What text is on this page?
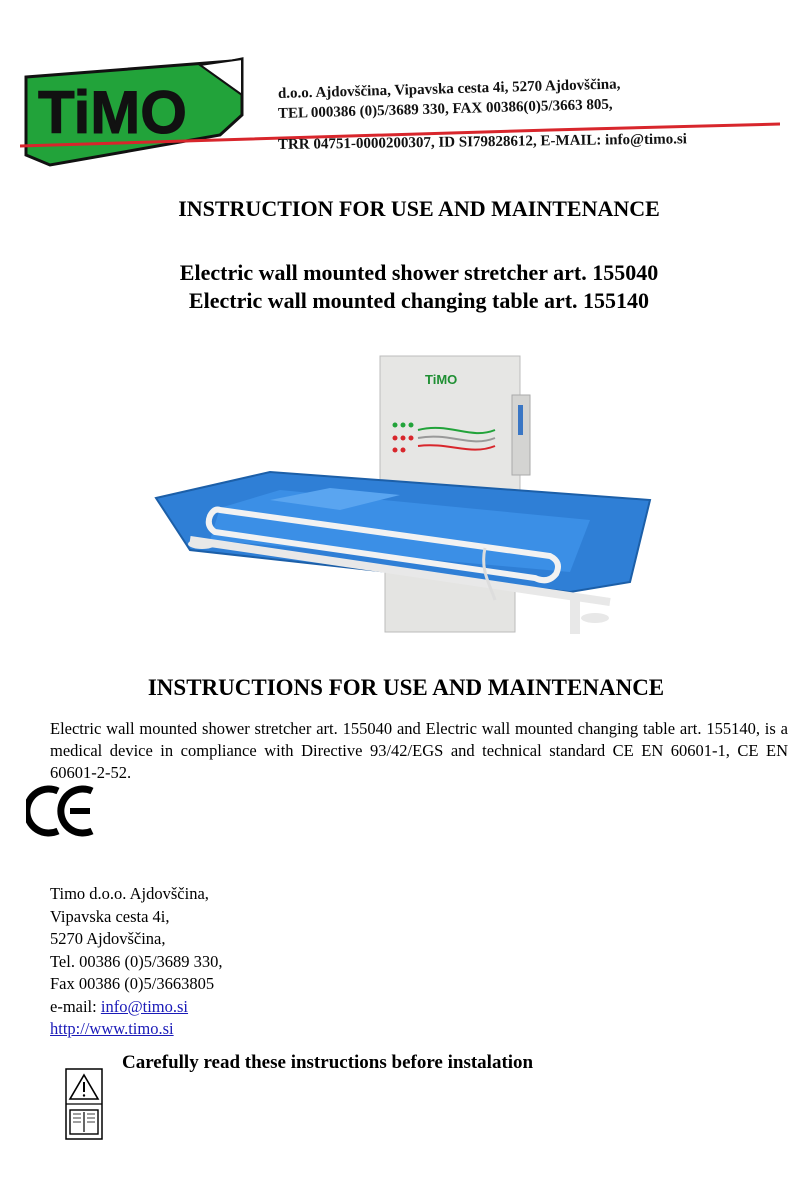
TiMO	d.o.o. Ajdovščina, Vipavska cesta 4i, 5270 Ajdovščina,
TEL 000386 (0)5/3689 330, FAX 00386(0)5/3663 805,
TRR 04751-0000200307, ID SI79828612, E-MAIL: info@timo.si
INSTRUCTION FOR USE AND MAINTENANCE
Electric wall mounted shower stretcher art. 155040
Electric wall mounted changing table art. 155140
TiMO
INSTRUCTIONS FOR USE AND MAINTENANCE

Electric wall mounted shower stretcher art. 155040 and Electric wall mounted changing table art. 155140, is a medical device in compliance with Directive 93/42/EGS and technical standard CE EN 60601-1, CE EN 60601-2-52.

Timo d.o.o. Ajdovščina,
Vipavska cesta 4i,
5270 Ajdovščina,
Tel. 00386 (0)5/3689 330,
Fax 00386 (0)5/3663805
e-mail: info@timo.si
http://www.timo.si
Carefully read these instructions before instalation
